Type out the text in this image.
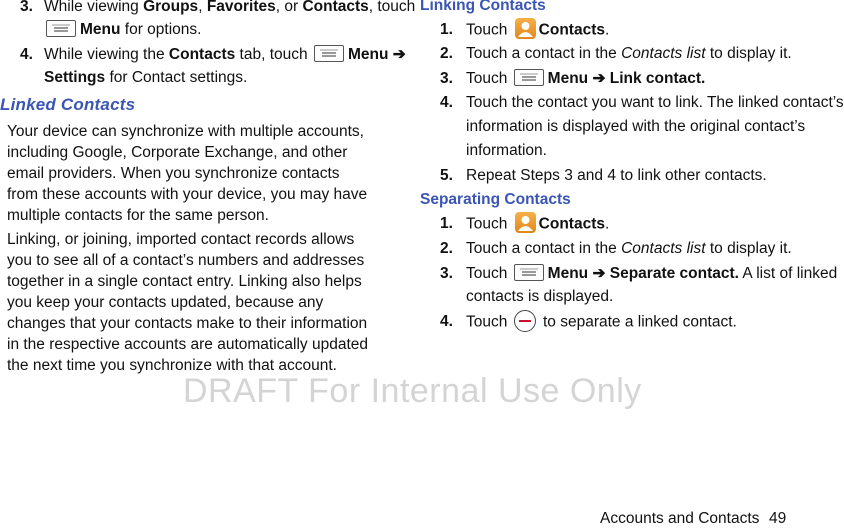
3. While viewing Groups, Favorites, or Contacts, touch
Menu for options.
4. While viewing the Contacts tab, touch
Menu ➔
Settings for Contact settings.
Linked Contacts
Your device can synchronize with multiple accounts, including Google, Corporate Exchange, and other email providers. When you synchronize contacts from these accounts with your device, you may have multiple contacts for the same person.
Linking, or joining, imported contact records allows you to see all of a contact’s numbers and addresses together in a single contact entry. Linking also helps you keep your contacts updated, because any changes that your contacts make to their information in the respective accounts are automatically updated the next time you synchronize with that account.
Linking Contacts
1. Touch Contacts.
2. Touch a contact in the Contacts list to display it.
3. Touch
Menu ➔ Link contact.
4. Touch the contact you want to link. The linked contact’s
information is displayed with the original contact’s
information.
5. Repeat Steps 3 and 4 to link other contacts.
Separating Contacts
1. Touch Contacts.
2. Touch a contact in the Contacts list to display it.
3. Touch
Menu ➔ Separate contact. A list of linked
contacts is displayed.
4. Touch  to separate a linked contact.
DRAFT For Internal Use Only
Accounts and Contacts 49
